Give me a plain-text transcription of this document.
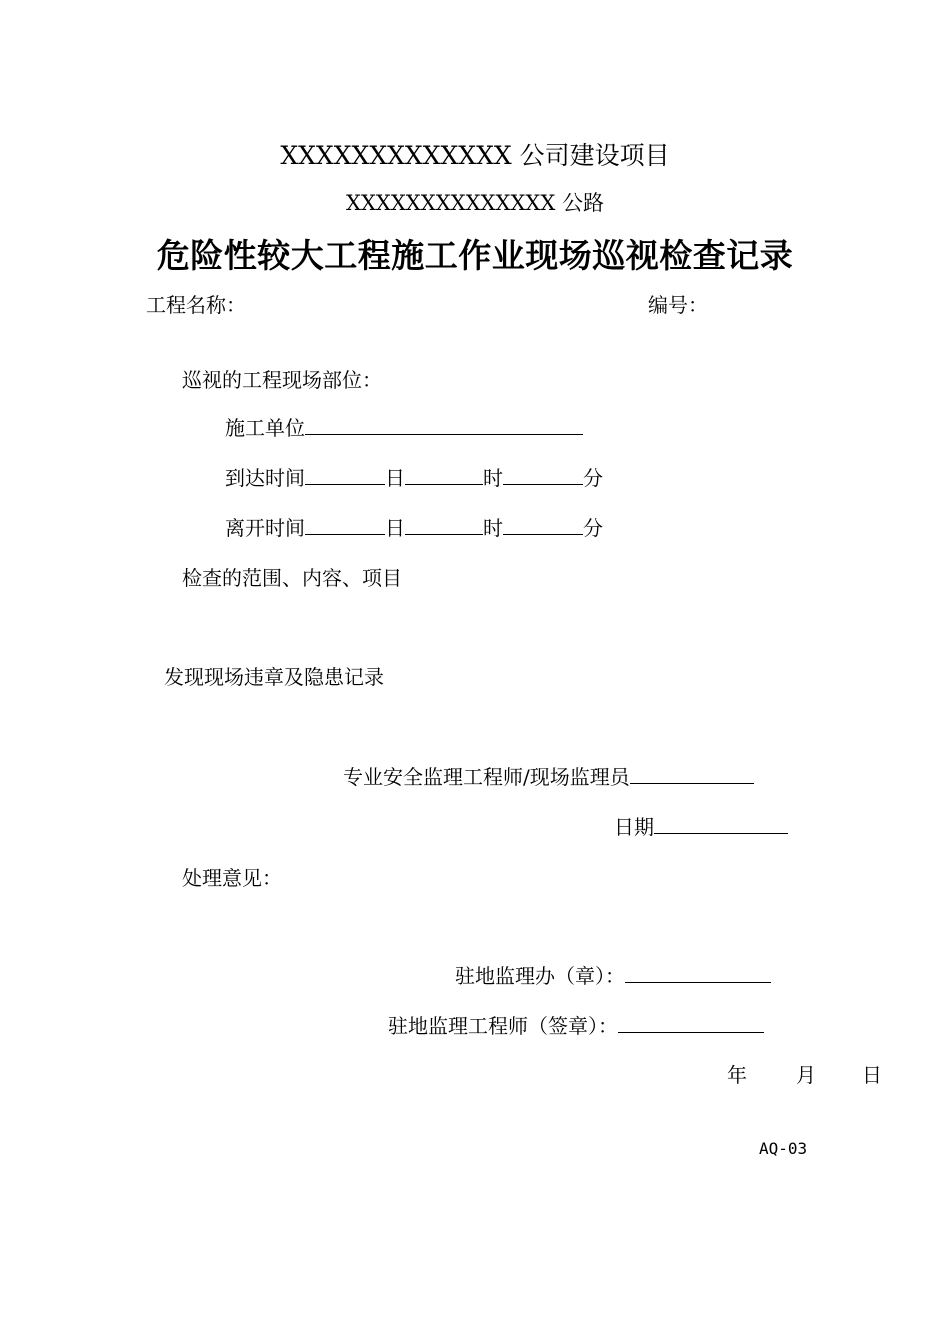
XXXXXXXXXXXXX 公司建设项目
XXXXXXXXXXXXXX 公路
危险性较大工程施工作业现场巡视检查记录
工程名称：	编号：
巡视的工程现场部位：
施工单位
到达时间	日	时	分
离开时间	日	时	分
检查的范围、内容、项目
发现现场违章及隐患记录
专业安全监理工程师/现场监理员
日期
处理意见：
驻地监理办（章）：
驻地监理工程师（签章）：
年 月 日
AQ-03
